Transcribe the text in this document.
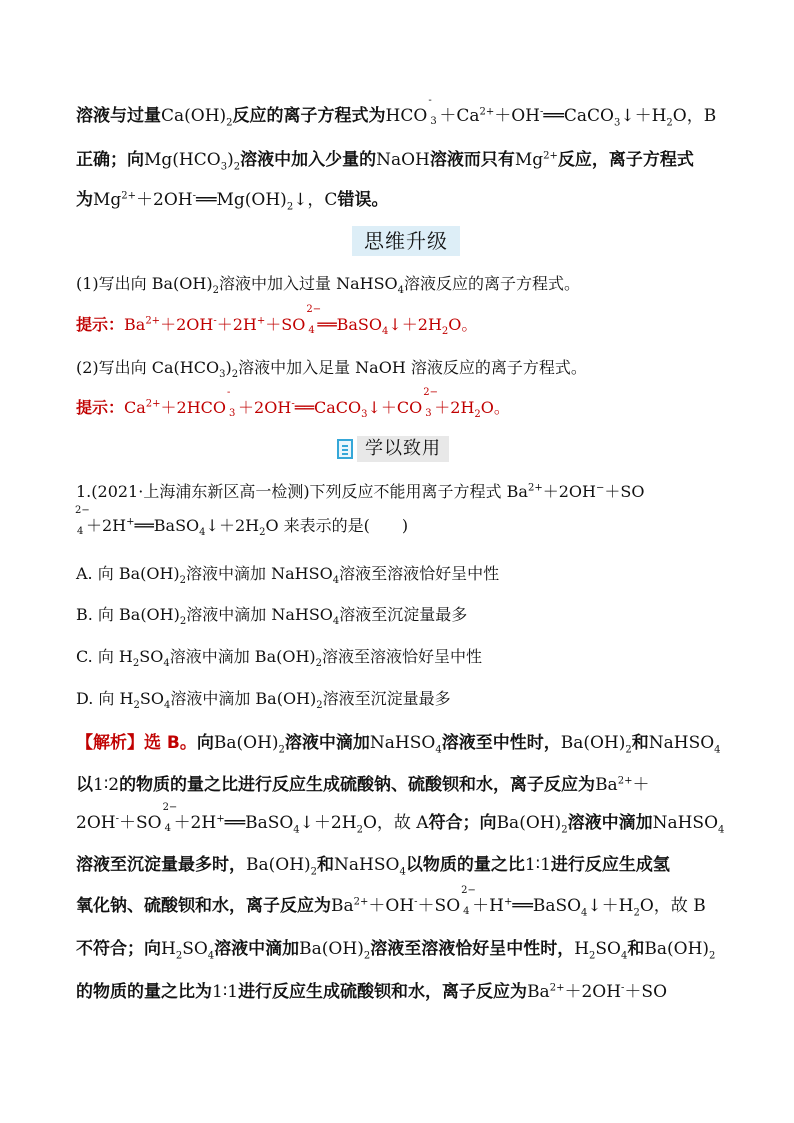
溶液与过量$Ca(OH)_2$反应的离子方程式为HCO
-
$3 +Ca^{2+}+OH^-══CaCO_3↓+H_2O$，B
正确；向$Mg(HCO_3)_2$溶液中加入少量的NaOH溶液而只有$Mg^{2+}$反应，离子方程式
为$Mg^{2+}+2OH^-══Mg(OH)_2↓$，C错误。
思维升级
(1)写出向 $Ba(OH)_2$溶液中加入过量 NaHSO$_4$溶液反应的离子方程式。
提示：$Ba^{2+}+2OH^-+2H^++SO$
2−
4 $══BaSO_4↓+2H_2O$。
(2)写出向 $Ca(HCO_3)_2$溶液中加入足量 NaOH 溶液反应的离子方程式。
提示：$Ca^{2+}+2HCO$
-
3 ＋2OH-══CaCO$_3$↓＋CO
2−
$3 +2H_2O$。
学以致用
1.(2021·上海浦东新区高一检测)下列反应不能用离子方程式 $Ba^{2+}+2OH^-+SO$
2−
$4 +2H^+══BaSO_4↓+2H_2O$ 来表示的是(　　)
A. 向 $Ba(OH)_2$溶液中滴加 NaHSO$_4$溶液至溶液恰好呈中性
B. 向 $Ba(OH)_2$溶液中滴加 NaHSO$_4$溶液至沉淀量最多
C. 向 $H_2SO_4$溶液中滴加 $Ba(OH)_2$溶液至溶液恰好呈中性
D. 向 $H_2SO_4$溶液中滴加 $Ba(OH)_2$溶液至沉淀量最多
【解析】选 B。向$Ba(OH)_2$溶液中滴加NaHSO$_4$溶液至中性时，$Ba(OH)_2$和NaHSO$_4$
以1∶2的物质的量之比进行反应生成硫酸钠、硫酸钡和水，离子反应为$Ba^{2+}+$
2OH-＋SO
2−
$4 +2H^+══BaSO_4↓+2H_2O$，故 A符合；向$Ba(OH)_2$溶液中滴加NaHSO$_4$
溶液至沉淀量最多时，$Ba(OH)_2$和NaHSO$_4$以物质的量之比1∶1进行反应生成氢
氧化钠、硫酸钡和水，离子反应为$Ba^{2+}+OH^-+SO$
2−
$4 +H^+══BaSO_4↓+H_2O$，故 B
不符合；向$H_2SO_4$溶液中滴加$Ba(OH)_2$溶液至溶液恰好呈中性时，$H_2SO_4$和$Ba(OH)_2$
的物质的量之比为1∶1进行反应生成硫酸钡和水，离子反应为$Ba^{2+}+2OH^-+SO$
